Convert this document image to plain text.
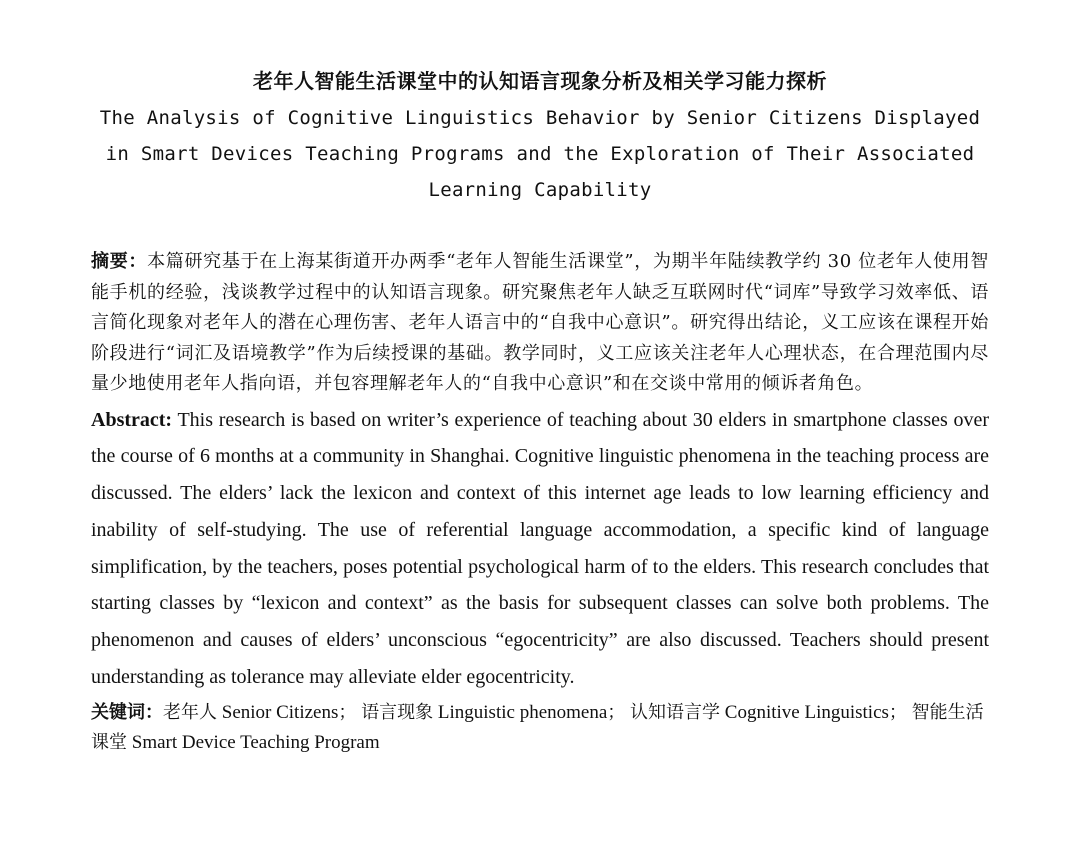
老年人智能生活课堂中的认知语言现象分析及相关学习能力探析

The Analysis of Cognitive Linguistics Behavior by Senior Citizens Displayed in Smart Devices Teaching Programs and the Exploration of Their Associated Learning Capability

摘要：本篇研究基于在上海某街道开办两季“老年人智能生活课堂”，为期半年陆续教学约 30 位老年人使用智能手机的经验，浅谈教学过程中的认知语言现象。研究聚焦老年人缺乏互联网时代“词库”导致学习效率低、语言简化现象对老年人的潜在心理伤害、老年人语言中的“自我中心意识”。研究得出结论，义工应该在课程开始阶段进行“词汇及语境教学”作为后续授课的基础。教学同时，义工应该关注老年人心理状态，在合理范围内尽量少地使用老年人指向语，并包容理解老年人的“自我中心意识”和在交谈中常用的倾诉者角色。
Abstract: This research is based on writer’s experience of teaching about 30 elders in smartphone classes over the course of 6 months at a community in Shanghai. Cognitive linguistic phenomena in the teaching process are discussed. The elders’ lack the lexicon and context of this internet age leads to low learning efficiency and inability of self-studying. The use of referential language accommodation, a specific kind of language simplification, by the teachers, poses potential psychological harm of to the elders. This research concludes that starting classes by “lexicon and context” as the basis for subsequent classes can solve both problems. The phenomenon and causes of elders’ unconscious “egocentricity” are also discussed. Teachers should present understanding as tolerance may alleviate elder egocentricity.
关键词：老年人 Senior Citizens； 语言现象 Linguistic phenomena； 认知语言学 Cognitive Linguistics； 智能生活课堂 Smart Device Teaching Program
